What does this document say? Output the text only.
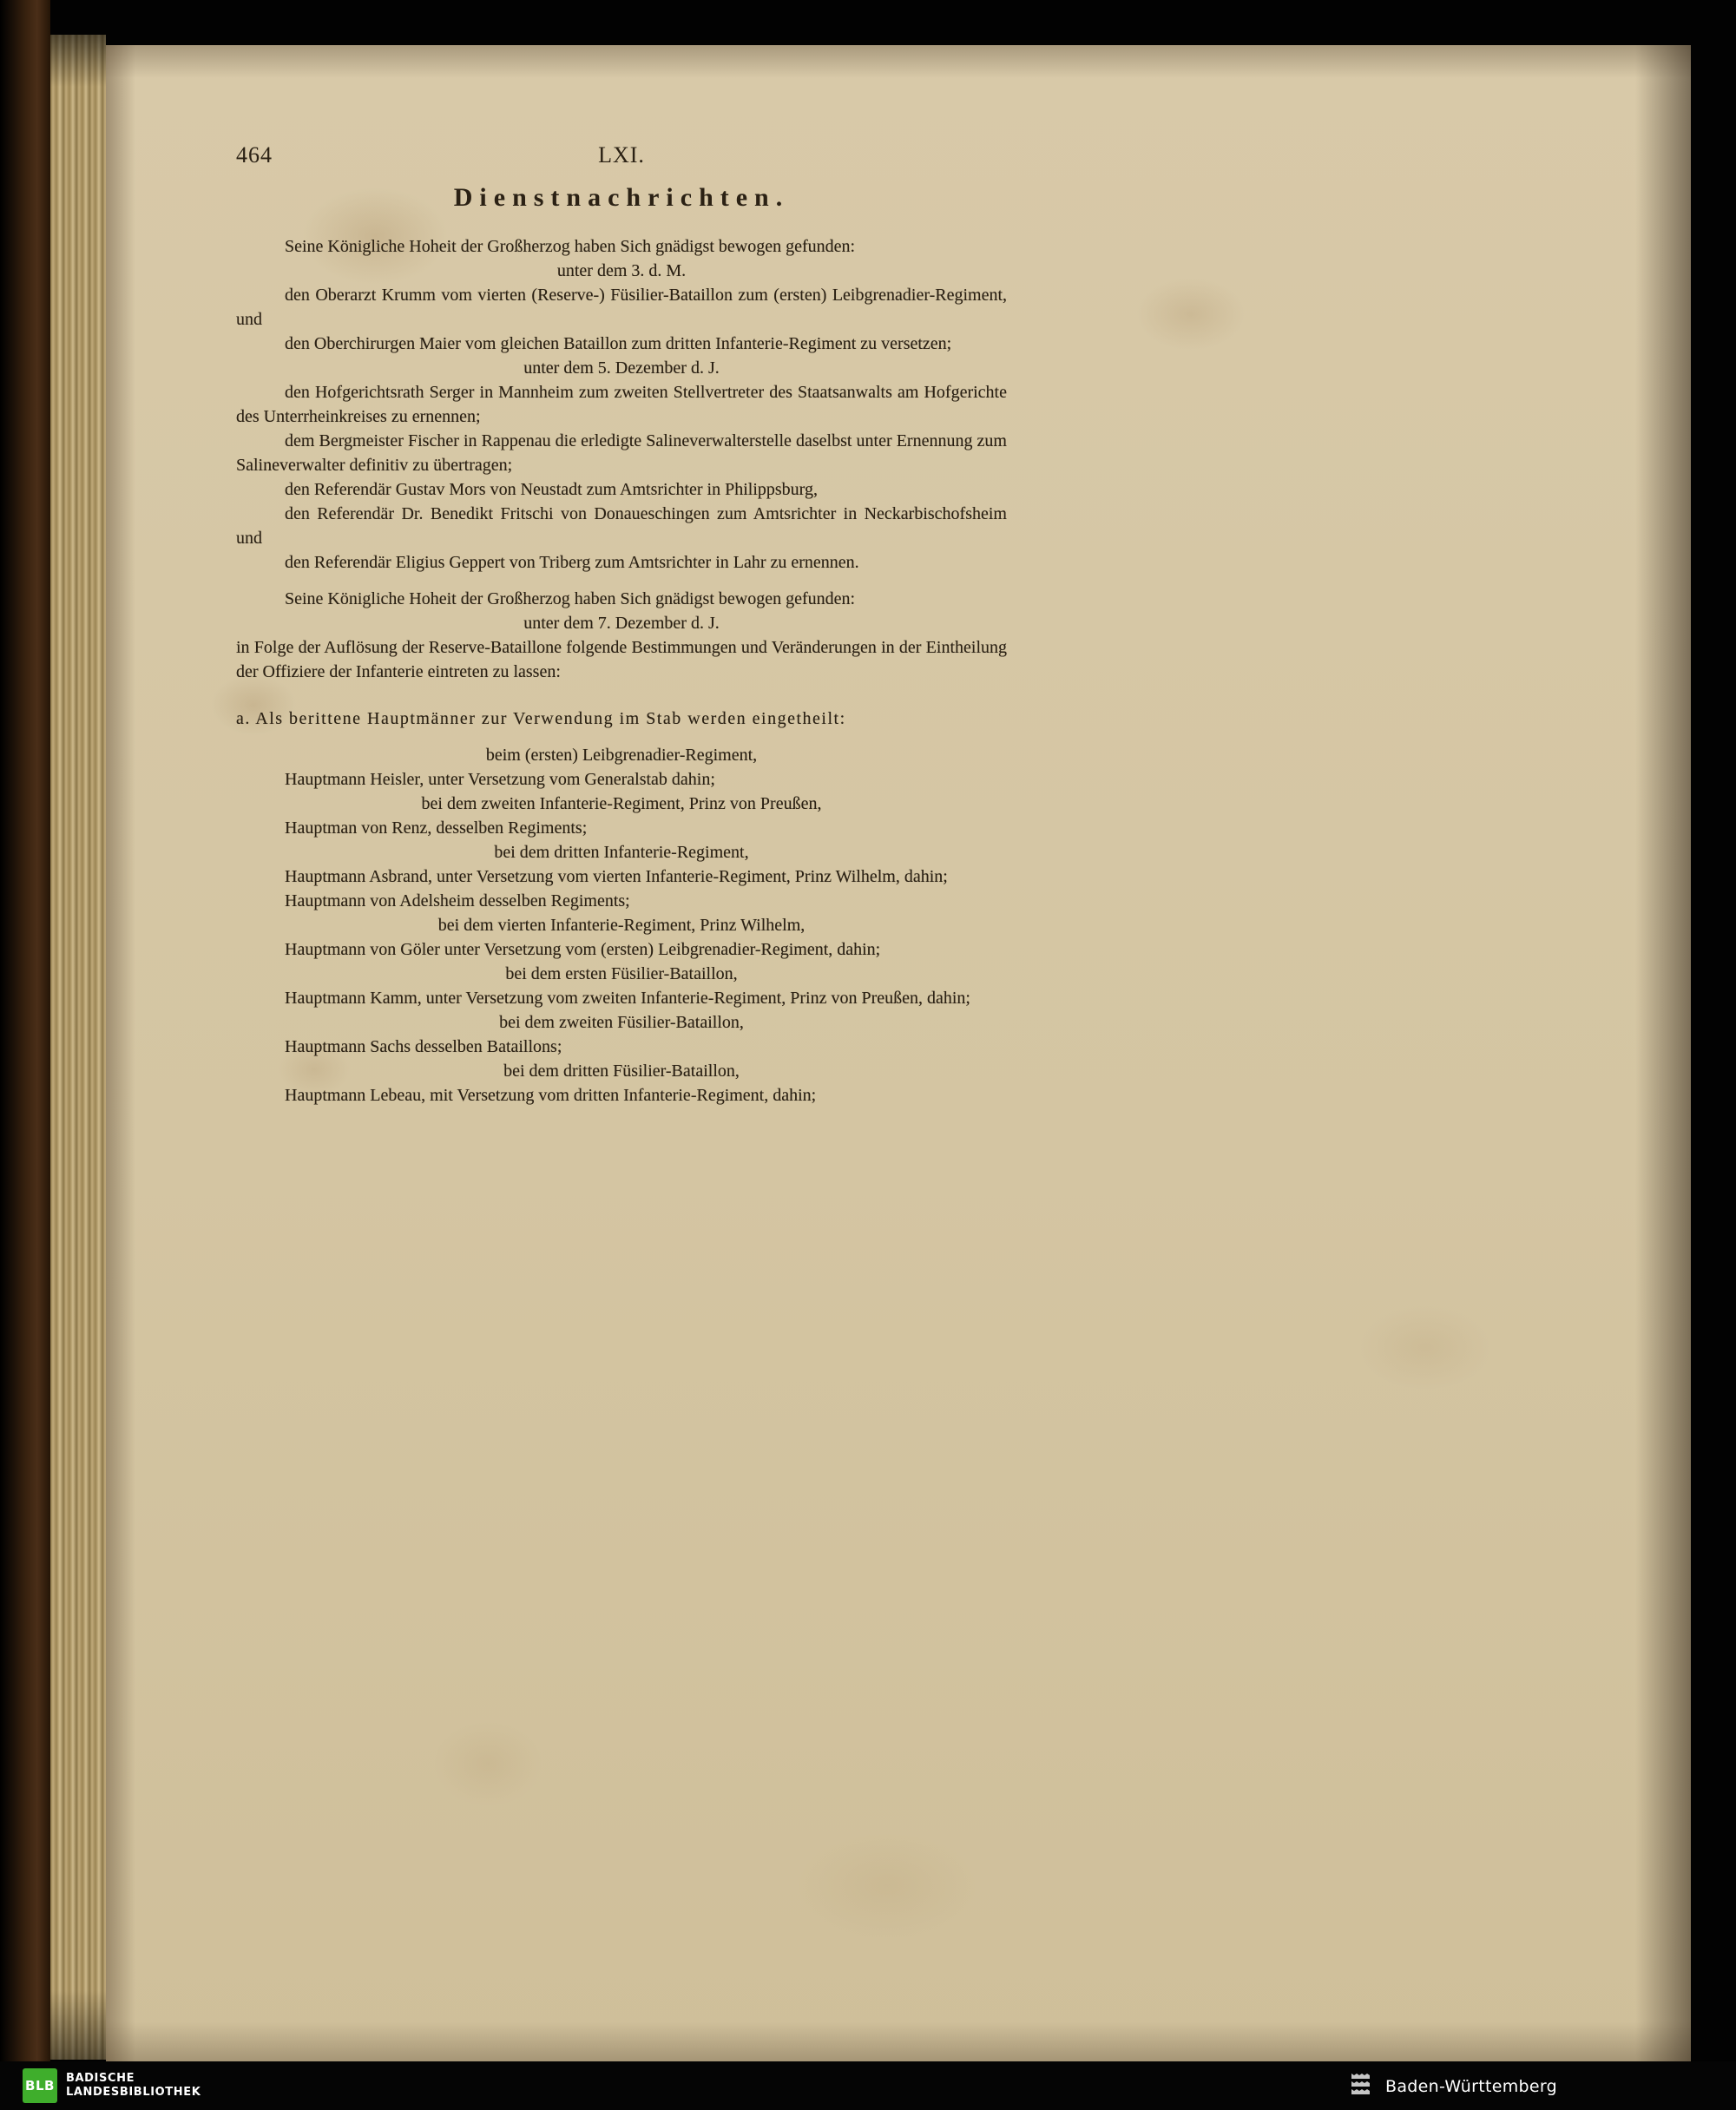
464	LXI.
Dienstnachrichten.
Seine Königliche Hoheit der Großherzog haben Sich gnädigst bewogen gefunden:
unter dem 3. d. M.
den Oberarzt Krumm vom vierten (Reserve-) Füsilier-Bataillon zum (ersten) Leibgrenadier-Regiment, und
den Oberchirurgen Maier vom gleichen Bataillon zum dritten Infanterie-Regiment zu versetzen;
unter dem 5. Dezember d. J.
den Hofgerichtsrath Serger in Mannheim zum zweiten Stellvertreter des Staatsanwalts am Hofgerichte des Unterrheinkreises zu ernennen;
dem Bergmeister Fischer in Rappenau die erledigte Salineverwalterstelle daselbst unter Ernennung zum Salineverwalter definitiv zu übertragen;
den Referendär Gustav Mors von Neustadt zum Amtsrichter in Philippsburg,
den Referendär Dr. Benedikt Fritschi von Donaueschingen zum Amtsrichter in Neckarbischofsheim und
den Referendär Eligius Geppert von Triberg zum Amtsrichter in Lahr zu ernennen.
Seine Königliche Hoheit der Großherzog haben Sich gnädigst bewogen gefunden:
unter dem 7. Dezember d. J.
in Folge der Auflösung der Reserve-Bataillone folgende Bestimmungen und Veränderungen in der Eintheilung der Offiziere der Infanterie eintreten zu lassen:
a. Als berittene Hauptmänner zur Verwendung im Stab werden eingetheilt:
beim (ersten) Leibgrenadier-Regiment,
Hauptmann Heisler, unter Versetzung vom Generalstab dahin;
bei dem zweiten Infanterie-Regiment, Prinz von Preußen,
Hauptman von Renz, desselben Regiments;
bei dem dritten Infanterie-Regiment,
Hauptmann Asbrand, unter Versetzung vom vierten Infanterie-Regiment, Prinz Wilhelm, dahin;
Hauptmann von Adelsheim desselben Regiments;
bei dem vierten Infanterie-Regiment, Prinz Wilhelm,
Hauptmann von Göler unter Versetzung vom (ersten) Leibgrenadier-Regiment, dahin;
bei dem ersten Füsilier-Bataillon,
Hauptmann Kamm, unter Versetzung vom zweiten Infanterie-Regiment, Prinz von Preußen, dahin;
bei dem zweiten Füsilier-Bataillon,
Hauptmann Sachs desselben Bataillons;
bei dem dritten Füsilier-Bataillon,
Hauptmann Lebeau, mit Versetzung vom dritten Infanterie-Regiment, dahin;
BLB BADISCHE
LANDESBIBLIOTHEK	Baden-Württemberg
